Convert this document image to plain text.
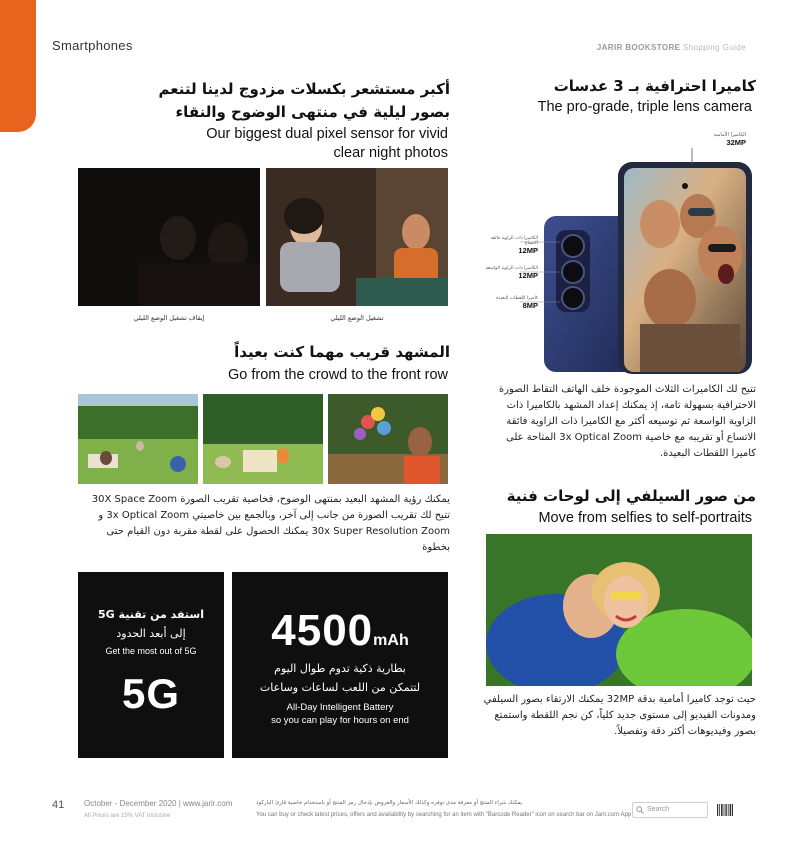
Smartphones	JARIR BOOKSTORE Shopping Guide
كاميرا احترافية بـ 3 عدسات
The pro-grade, triple lens camera
الكاميرا الأمامية
32MP
الكاميرا ذات الزاوية فائقة الاتساع
12MP
الكاميرا ذات الزاوية الواسعة
12MP
كاميرا اللقطات البعيدة
8MP
تتيح لك الكاميرات الثلاث الموجودة خلف الهاتف التقاط الصورة الاحترافية بسهولة تامة، إذ يمكنك إعداد المشهد بالكاميرا ذات الزاوية الواسعة ثم توسيعه أكثر مع الكاميرا ذات الزاوية فائقة الاتساع أو تقريبه مع خاصية 3x Optical Zoom المتاحة على كاميرا اللقطات البعيدة.
من صور السيلفي إلى لوحات فنية
Move from selfies to self-portraits
حيث توجد كاميرا أمامية بدقة 32MP يمكنك الارتقاء بصور السيلفي ومدونات الفيديو إلى مستوى جديد كلياً، كن نجم اللقطة واستمتع بصور وفيديوهات أكثر دقة وتفصيلاً.
أكبر مستشعر بكسلات مزدوج لدينا لتنعم
بصور ليلية في منتهى الوضوح والنقاء
Our biggest dual pixel sensor for vivid
clear night photos
إيقاف تشغيل الوضع الليلي	تشغيل الوضع الليلي
المشهد قريب مهما كنت بعيداً
Go from the crowd to the front row
يمكنك رؤية المشهد البعيد بمنتهى الوضوح، فخاصية تقريب الصورة 30X Space Zoom تتيح لك تقريب الصورة من جانب إلى آخر، وبالجمع بين خاصيتي 3x Optical Zoom و 30x Super Resolution Zoom يمكنك الحصول على لقطة مقربة دون القيام حتى بخطوة
استفد من تقنية 5G
إلى أبعد الحدود
Get the most out of 5G
5G
4500mAh
بطارية ذكية تدوم طوال اليوم
لتتمكن من اللعب لساعات وساعات
All-Day Intelligent Battery
so you can play for hours on end
41 October - December 2020 | www.jarir.com
All Prices are 15% VAT Inclusive
يمكنك شراء المنتج أو معرفة مدى توفره وكذلك الأسعار والعروض بإدخال رمز المنتج أو باستخدام خاصية قارئ الباركود
You can buy or check latest prices, offers and availability by searching for an item with "Barcode Reader" icon on search bar on Jarir.com App
Search
